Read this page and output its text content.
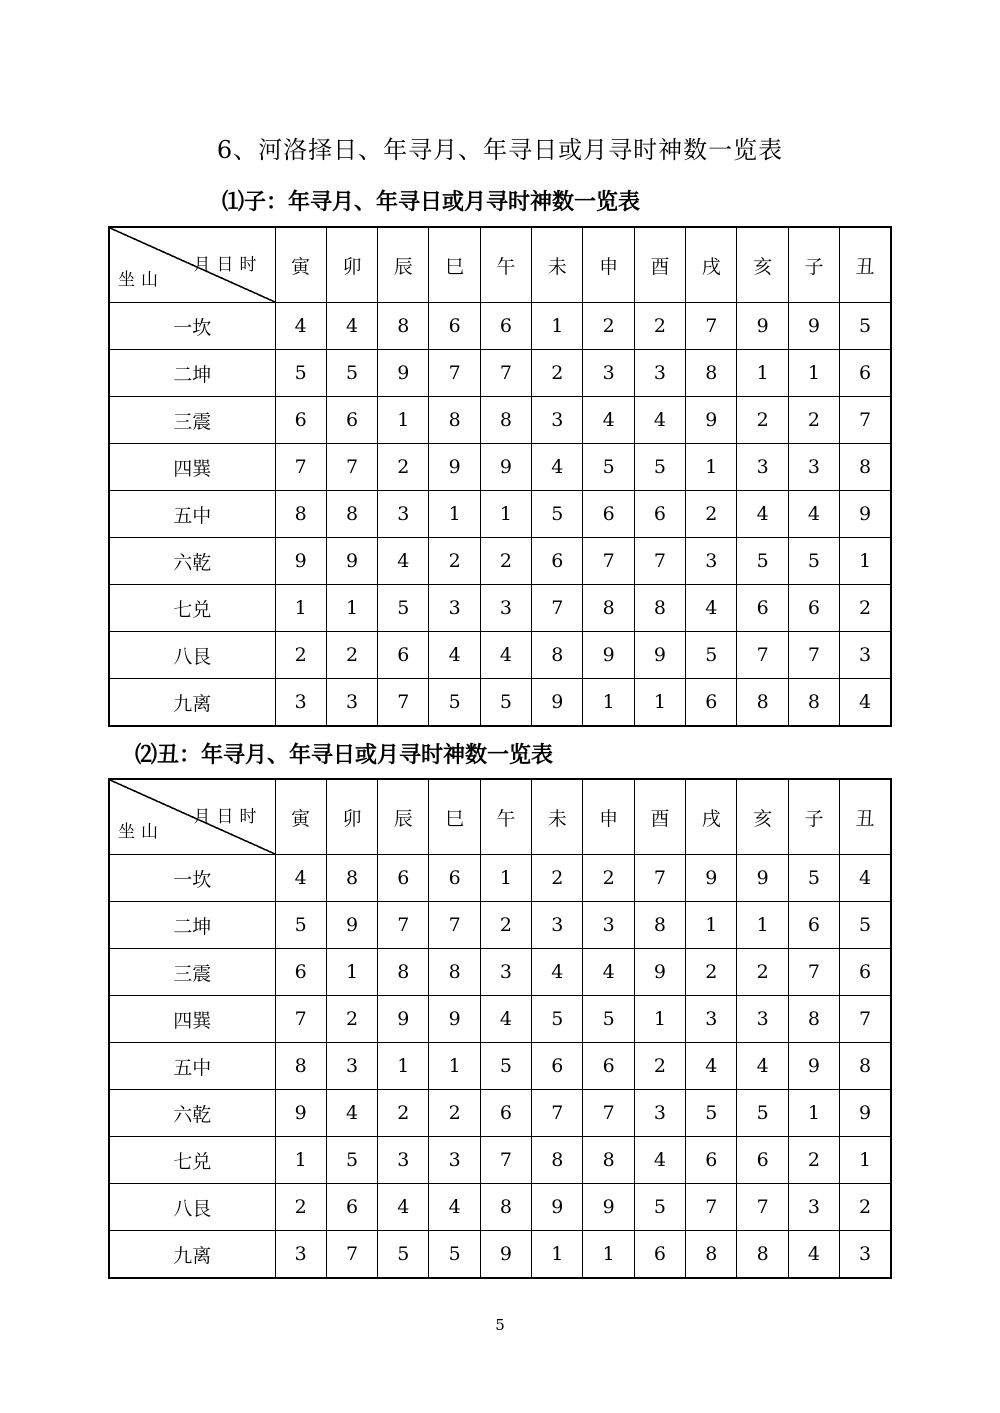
6、河洛择日、年寻月、年寻日或月寻时神数一览表
⑴子：年寻月、年寻日或月寻时神数一览表
月日时
坐山	寅	卯	辰	巳	午	未	申	酉	戌	亥	子	丑
一坎	4	4	8	6	6	1	2	2	7	9	9	5
二坤	5	5	9	7	7	2	3	3	8	1	1	6
三震	6	6	1	8	8	3	4	4	9	2	2	7
四巽	7	7	2	9	9	4	5	5	1	3	3	8
五中	8	8	3	1	1	5	6	6	2	4	4	9
六乾	9	9	4	2	2	6	7	7	3	5	5	1
七兑	1	1	5	3	3	7	8	8	4	6	6	2
八艮	2	2	6	4	4	8	9	9	5	7	7	3
九离	3	3	7	5	5	9	1	1	6	8	8	4
⑵丑：年寻月、年寻日或月寻时神数一览表
月日时
坐山	寅	卯	辰	巳	午	未	申	酉	戌	亥	子	丑
一坎	4	8	6	6	1	2	2	7	9	9	5	4
二坤	5	9	7	7	2	3	3	8	1	1	6	5
三震	6	1	8	8	3	4	4	9	2	2	7	6
四巽	7	2	9	9	4	5	5	1	3	3	8	7
五中	8	3	1	1	5	6	6	2	4	4	9	8
六乾	9	4	2	2	6	7	7	3	5	5	1	9
七兑	1	5	3	3	7	8	8	4	6	6	2	1
八艮	2	6	4	4	8	9	9	5	7	7	3	2
九离	3	7	5	5	9	1	1	6	8	8	4	3
5
